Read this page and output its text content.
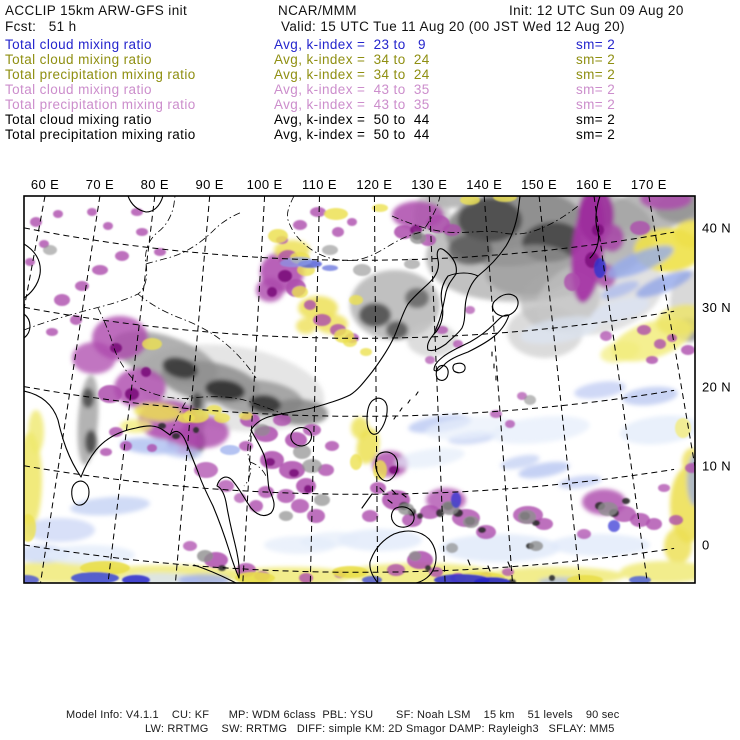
ACCLIP 15km ARW-GFS init	NCAR/MMM	Init: 12 UTC Sun 09 Aug 20
Fcst:   51 h	Valid: 15 UTC Tue 11 Aug 20 (00 JST Wed 12 Aug 20)
Total cloud mixing ratio	Avg, k-index =  23 to   9	sm= 2
Total cloud mixing ratio	Avg, k-index =  34 to  24	sm= 2
Total precipitation mixing ratio	Avg, k-index =  34 to  24	sm= 2
Total cloud mixing ratio	Avg, k-index =  43 to  35	sm= 2
Total precipitation mixing ratio	Avg, k-index =  43 to  35	sm= 2
Total cloud mixing ratio	Avg, k-index =  50 to  44	sm= 2
Total precipitation mixing ratio	Avg, k-index =  50 to  44	sm= 2
60 E 70 E 80 E 90 E 100 E 110 E 120 E 130 E 140 E 150 E 160 E 170 E
40 N
30 N
20 N
10 N
0
Model Info: V4.1.1    CU: KF      MP: WDM 6class  PBL: YSU       SF: Noah LSM    15 km    51 levels    90 sec
LW: RRTMG    SW: RRTMG   DIFF: simple KM: 2D Smagor DAMP: Rayleigh3   SFLAY: MM5
